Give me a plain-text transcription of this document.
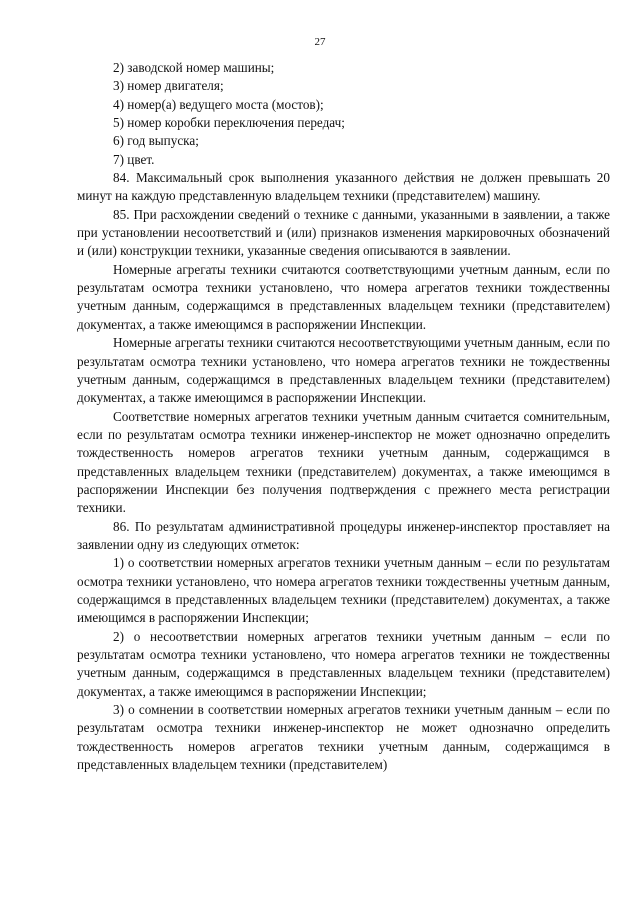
27

2) заводской номер машины;

3) номер двигателя;

4) номер(а) ведущего моста (мостов);

5) номер коробки переключения передач;

6) год выпуска;

7) цвет.

84. Максимальный срок выполнения указанного действия не должен превышать 20 минут на каждую представленную владельцем техники (представителем) машину.

85. При расхождении сведений о технике с данными, указанными в заявлении, а также при установлении несоответствий и (или) признаков изменения маркировочных обозначений и (или) конструкции техники, указанные сведения описываются в заявлении.

Номерные агрегаты техники считаются соответствующими учетным данным, если по результатам осмотра техники установлено, что номера агрегатов техники тождественны учетным данным, содержащимся в представленных владельцем техники (представителем) документах, а также имеющимся в распоряжении Инспекции.

Номерные агрегаты техники считаются несоответствующими учетным данным, если по результатам осмотра техники установлено, что номера агрегатов техники не тождественны учетным данным, содержащимся в представленных владельцем техники (представителем) документах, а также имеющимся в распоряжении Инспекции.

Соответствие номерных агрегатов техники учетным данным считается сомнительным, если по результатам осмотра техники инженер-инспектор не может однозначно определить тождественность номеров агрегатов техники учетным данным, содержащимся в представленных владельцем техники (представителем) документах, а также имеющимся в распоряжении Инспекции без получения подтверждения с прежнего места регистрации техники.

86. По результатам административной процедуры инженер-инспектор проставляет на заявлении одну из следующих отметок:

1) о соответствии номерных агрегатов техники учетным данным – если по результатам осмотра техники установлено, что номера агрегатов техники тождественны учетным данным, содержащимся в представленных владельцем техники (представителем) документах, а также имеющимся в распоряжении Инспекции;

2) о несоответствии номерных агрегатов техники учетным данным – если по результатам осмотра техники установлено, что номера агрегатов техники не тождественны учетным данным, содержащимся в представленных владельцем техники (представителем) документах, а также имеющимся в распоряжении Инспекции;

3) о сомнении в соответствии номерных агрегатов техники учетным данным – если по результатам осмотра техники инженер-инспектор не может однозначно определить тождественность номеров агрегатов техники учетным данным, содержащимся в представленных владельцем техники (представителем)
